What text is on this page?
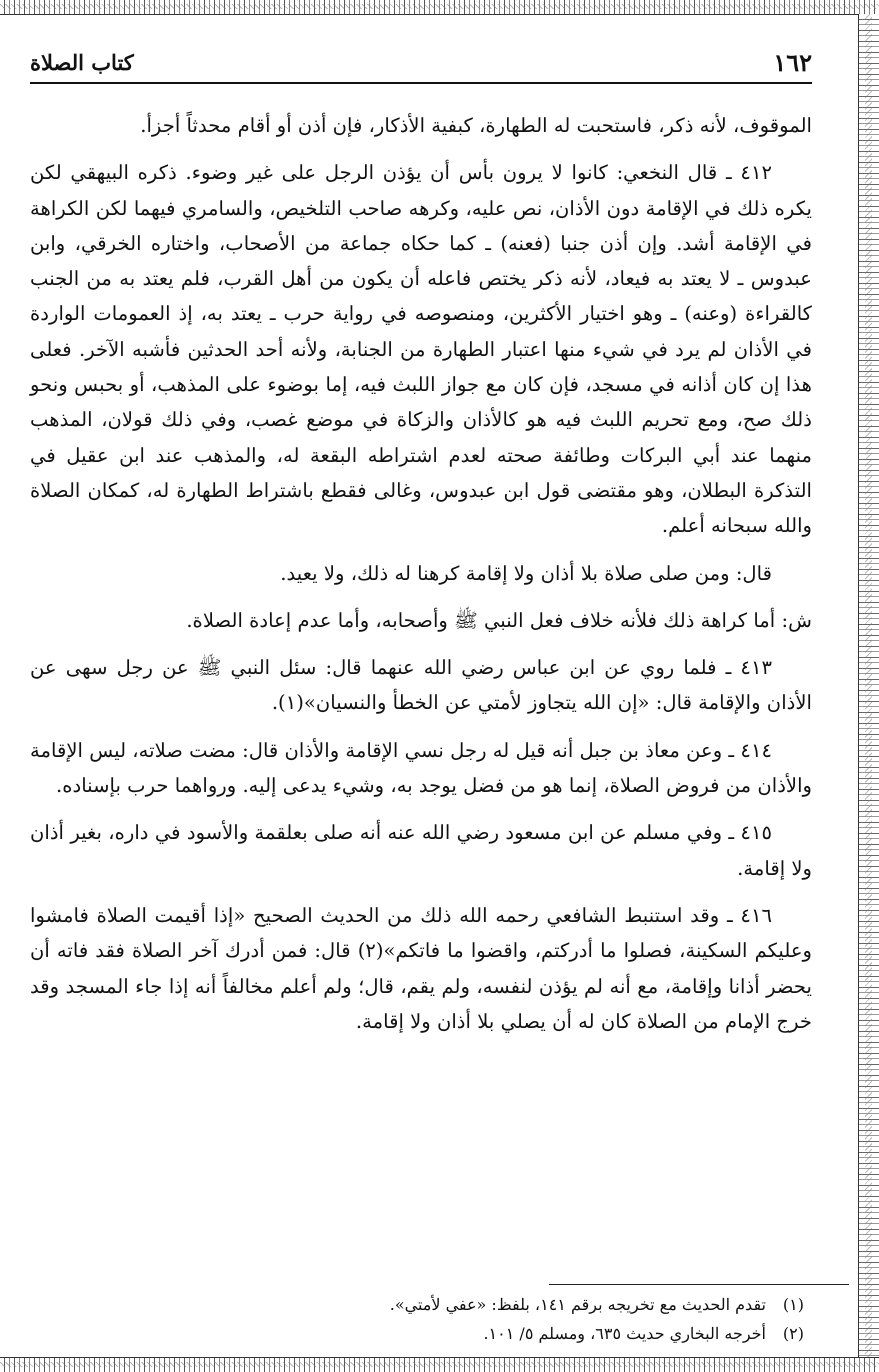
١٦٢
كتاب الصلاة

الموقوف، لأنه ذكر، فاستحبت له الطهارة، كبفية الأذكار، فإن أذن أو أقام محدثاً أجزأ.

٤١٢ ـ قال النخعي: كانوا لا يرون بأس أن يؤذن الرجل على غير وضوء. ذكره البيهقي لكن يكره ذلك في الإقامة دون الأذان، نص عليه، وكرهه صاحب التلخيص، والسامري فيهما لكن الكراهة في الإقامة أشد. وإن أذن جنبا (فعنه) ـ كما حكاه جماعة من الأصحاب، واختاره الخرقي، وابن عبدوس ـ لا يعتد به فيعاد، لأنه ذكر يختص فاعله أن يكون من أهل القرب، فلم يعتد به من الجنب كالقراءة (وعنه) ـ وهو اختيار الأكثرين، ومنصوصه في رواية حرب ـ يعتد به، إذ العمومات الواردة في الأذان لم يرد في شيء منها اعتبار الطهارة من الجنابة، ولأنه أحد الحدثين فأشبه الآخر. فعلى هذا إن كان أذانه في مسجد، فإن كان مع جواز اللبث فيه، إما بوضوء على المذهب، أو بحبس ونحو ذلك صح، ومع تحريم اللبث فيه هو كالأذان والزكاة في موضع غصب، وفي ذلك قولان، المذهب منهما عند أبي البركات وطائفة صحته لعدم اشتراطه البقعة له، والمذهب عند ابن عقيل في التذكرة البطلان، وهو مقتضى قول ابن عبدوس، وغالى فقطع باشتراط الطهارة له، كمكان الصلاة والله سبحانه أعلم.

قال: ومن صلى صلاة بلا أذان ولا إقامة كرهنا له ذلك، ولا يعيد.

ش: أما كراهة ذلك فلأنه خلاف فعل النبي ﷺ وأصحابه، وأما عدم إعادة الصلاة.

٤١٣ ـ فلما روي عن ابن عباس رضي الله عنهما قال: سئل النبي ﷺ عن رجل سهى عن الأذان والإقامة قال: «إن الله يتجاوز لأمتي عن الخطأ والنسيان»(١).

٤١٤ ـ وعن معاذ بن جبل أنه قيل له رجل نسي الإقامة والأذان قال: مضت صلاته، ليس الإقامة والأذان من فروض الصلاة، إنما هو من فضل يوجد به، وشيء يدعى إليه. ورواهما حرب بإسناده.

٤١٥ ـ وفي مسلم عن ابن مسعود رضي الله عنه أنه صلى بعلقمة والأسود في داره، بغير أذان ولا إقامة.

٤١٦ ـ وقد استنبط الشافعي رحمه الله ذلك من الحديث الصحيح «إذا أقيمت الصلاة فامشوا وعليكم السكينة، فصلوا ما أدركتم، واقضوا ما فاتكم»(٢) قال: فمن أدرك آخر الصلاة فقد فاته أن يحضر أذانا وإقامة، مع أنه لم يؤذن لنفسه، ولم يقم، قال؛ ولم أعلم مخالفاً أنه إذا جاء المسجد وقد خرج الإمام من الصلاة كان له أن يصلي بلا أذان ولا إقامة.

(١)
تقدم الحديث مع تخريجه برقم ١٤١، بلفظ: «عفي لأمتي».
(٢)
أخرجه البخاري حديث ٦٣٥، ومسلم ٥/ ١٠١.
